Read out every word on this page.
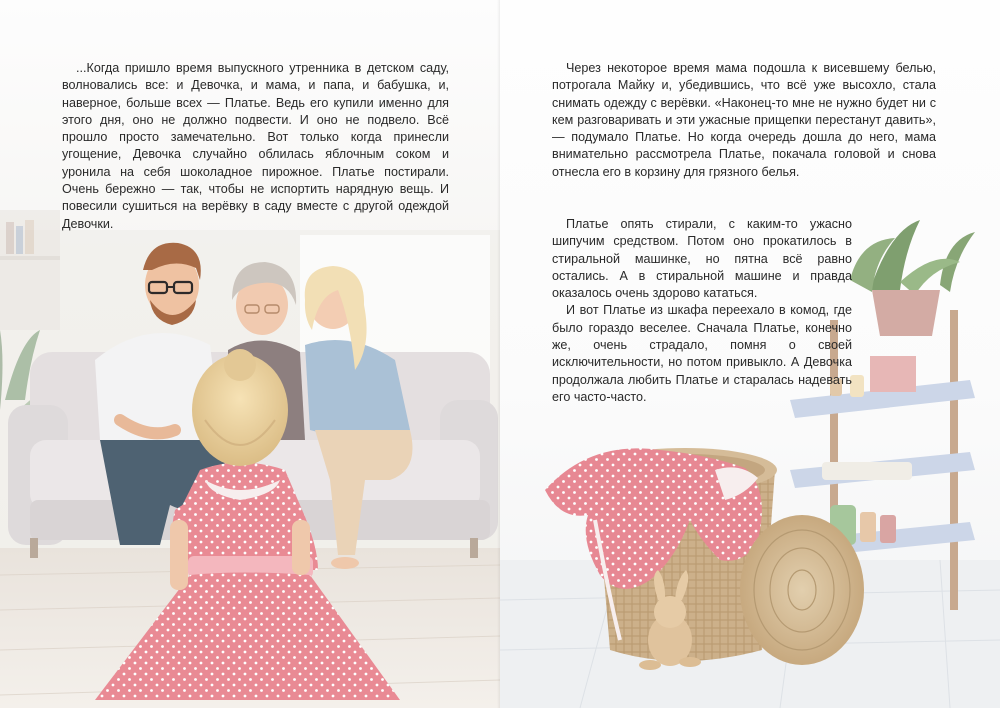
...Когда пришло время выпускного утренника в детском саду, волновались все: и Девочка, и мама, и папа, и бабушка, и, наверное, больше всех — Платье. Ведь его купили именно для этого дня, оно не должно подвести. И оно не подвело. Всё прошло просто замечательно. Вот только когда принесли угощение, Девочка случайно облилась яблочным соком и уронила на себя шоколадное пирожное. Платье постирали. Очень бережно — так, чтобы не испортить нарядную вещь. И повесили сушиться на верёвку в саду вместе с другой одеждой Девочки.

Через некоторое время мама подошла к висевшему белью, потрогала Майку и, убедившись, что всё уже высохло, стала снимать одежду с верёвки. «Наконец-то мне не нужно будет ни с кем разговаривать и эти ужасные прищепки перестанут давить», — подумало Платье. Но когда очередь дошла до него, мама внимательно рассмотрела Платье, покачала головой и снова отнесла его в корзину для грязного белья.

Платье опять стирали, с каким-то ужасно шипучим средством. Потом оно прокатилось в стиральной машинке, но пятна всё равно остались. А в стиральной машине и правда оказалось очень здорово кататься.

И вот Платье из шкафа переехало в комод, где было гораздо веселее. Сначала Платье, конечно же, очень страдало, помня о своей исключительности, но потом привыкло. А Девочка продолжала любить Платье и старалась надевать его часто-часто.
